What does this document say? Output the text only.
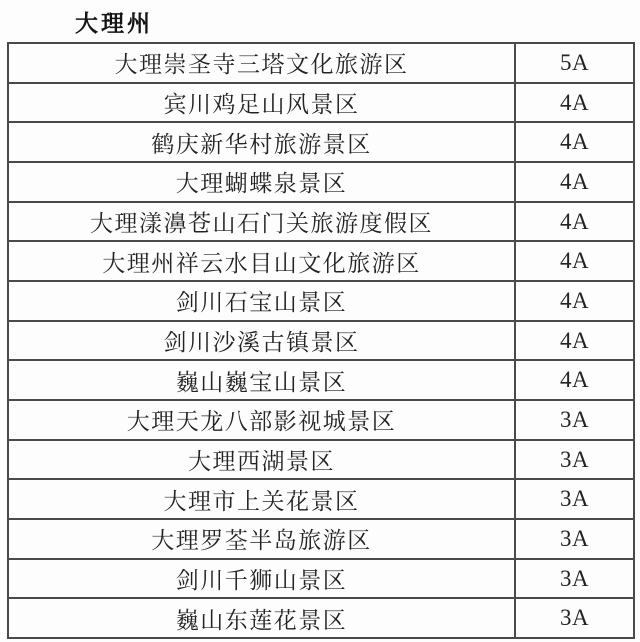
大理州
大理崇圣寺三塔文化旅游区	5A
宾川鸡足山风景区	4A
鹤庆新华村旅游景区	4A
大理蝴蝶泉景区	4A
大理漾濞苍山石门关旅游度假区	4A
大理州祥云水目山文化旅游区	4A
剑川石宝山景区	4A
剑川沙溪古镇景区	4A
巍山巍宝山景区	4A
大理天龙八部影视城景区	3A
大理西湖景区	3A
大理市上关花景区	3A
大理罗荃半岛旅游区	3A
剑川千狮山景区	3A
巍山东莲花景区	3A
